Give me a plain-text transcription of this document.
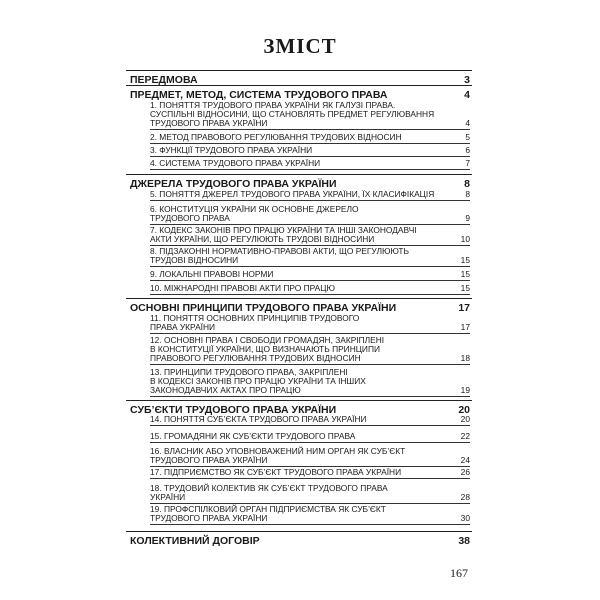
ЗМІСТ
ПЕРЕДМОВА	3
ПРЕДМЕТ, МЕТОД, СИСТЕМА ТРУДОВОГО ПРАВА	4
1. ПОНЯТТЯ ТРУДОВОГО ПРАВА УКРАЇНИ ЯК ГАЛУЗІ ПРАВА.
СУСПІЛЬНІ ВІДНОСИНИ, ЩО СТАНОВЛЯТЬ ПРЕДМЕТ РЕГУЛЮВАННЯ
ТРУДОВОГО ПРАВА УКРАЇНИ	4
2. МЕТОД ПРАВОВОГО РЕГУЛЮВАННЯ ТРУДОВИХ ВІДНОСИН	5
3. ФУНКЦІЇ ТРУДОВОГО ПРАВА УКРАЇНИ	6
4. СИСТЕМА ТРУДОВОГО ПРАВА УКРАЇНИ	7
ДЖЕРЕЛА ТРУДОВОГО ПРАВА УКРАЇНИ	8
5. ПОНЯТТЯ ДЖЕРЕЛ ТРУДОВОГО ПРАВА УКРАЇНИ, ЇХ КЛАСИФІКАЦІЯ	8
6. КОНСТИТУЦІЯ УКРАЇНИ ЯК ОСНОВНЕ ДЖЕРЕЛО
ТРУДОВОГО ПРАВА	9
7. КОДЕКС ЗАКОНІВ ПРО ПРАЦЮ УКРАЇНИ ТА ІНШІ ЗАКОНОДАВЧІ
АКТИ УКРАЇНИ, ЩО РЕГУЛЮЮТЬ ТРУДОВІ ВІДНОСИНИ	10
8. ПІДЗАКОННІ НОРМАТИВНО-ПРАВОВІ АКТИ, ЩО РЕГУЛЮЮТЬ
ТРУДОВІ ВІДНОСИНИ	15
9. ЛОКАЛЬНІ ПРАВОВІ НОРМИ	15
10. МІЖНАРОДНІ ПРАВОВІ АКТИ ПРО ПРАЦЮ	15
ОСНОВНІ ПРИНЦИПИ ТРУДОВОГО ПРАВА УКРАЇНИ	17
11. ПОНЯТТЯ ОСНОВНИХ ПРИНЦИПІВ ТРУДОВОГО
ПРАВА УКРАЇНИ	17
12. ОСНОВНІ ПРАВА І СВОБОДИ ГРОМАДЯН, ЗАКРІПЛЕНІ
В КОНСТИТУЦІЇ УКРАЇНИ, ЩО ВИЗНАЧАЮТЬ ПРИНЦИПИ
ПРАВОВОГО РЕГУЛЮВАННЯ ТРУДОВИХ ВІДНОСИН	18
13. ПРИНЦИПИ ТРУДОВОГО ПРАВА, ЗАКРІПЛЕНІ
В КОДЕКСІ ЗАКОНІВ ПРО ПРАЦЮ УКРАЇНИ ТА ІНШИХ
ЗАКОНОДАВЧИХ АКТАХ ПРО ПРАЦЮ	19
СУБ’ЄКТИ ТРУДОВОГО ПРАВА УКРАЇНИ	20
14. ПОНЯТТЯ СУБ’ЄКТА ТРУДОВОГО ПРАВА УКРАЇНИ	20
15. ГРОМАДЯНИ ЯК СУБ’ЄКТИ ТРУДОВОГО ПРАВА	22
16. ВЛАСНИК АБО УПОВНОВАЖЕНИЙ НИМ ОРГАН ЯК СУБ’ЄКТ
ТРУДОВОГО ПРАВА УКРАЇНИ	24
17. ПІДПРИЄМСТВО ЯК СУБ’ЄКТ ТРУДОВОГО ПРАВА УКРАЇНИ	26
18. ТРУДОВИЙ КОЛЕКТИВ ЯК СУБ’ЄКТ ТРУДОВОГО ПРАВА
УКРАЇНИ	28
19. ПРОФСПІЛКОВИЙ ОРГАН ПІДПРИЄМСТВА ЯК СУБ’ЄКТ
ТРУДОВОГО ПРАВА УКРАЇНИ	30
КОЛЕКТИВНИЙ ДОГОВІР	38
167
